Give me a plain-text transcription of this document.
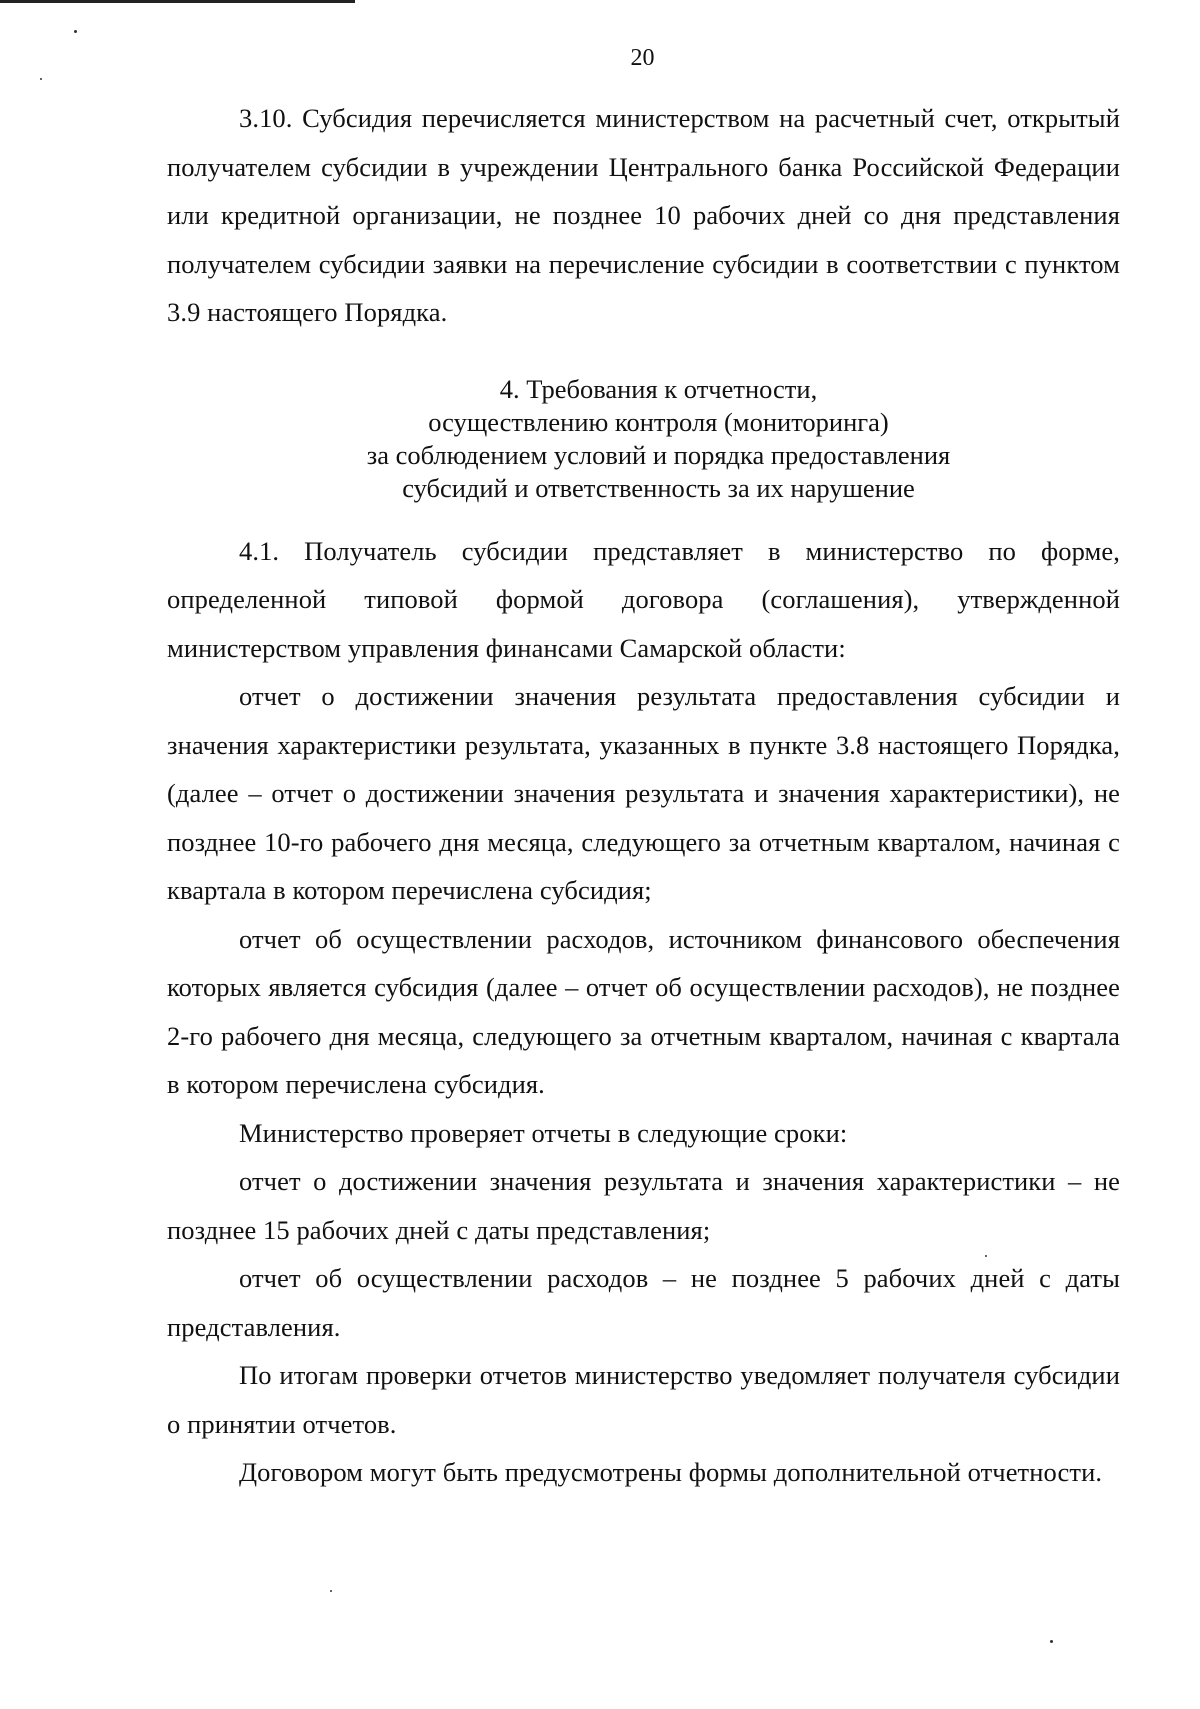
20

3.10. Субсидия перечисляется министерством на расчетный счет, открытый получателем субсидии в учреждении Центрального банка Российской Федерации или кредитной организации, не позднее 10 рабочих дней со дня представления получателем субсидии заявки на перечисление субсидии в соответствии с пунктом 3.9 настоящего Порядка.

4. Требования к отчетности,
осуществлению контроля (мониторинга)
за соблюдением условий и порядка предоставления
субсидий и ответственность за их нарушение

4.1. Получатель субсидии представляет в министерство по форме, определенной типовой формой договора (соглашения), утвержденной министерством управления финансами Самарской области:

отчет о достижении значения результата предоставления субсидии и значения характеристики результата, указанных в пункте 3.8 настоящего Порядка, (далее – отчет о достижении значения результата и значения характеристики), не позднее 10-го рабочего дня месяца, следующего за отчетным кварталом, начиная с квартала в котором перечислена субсидия;

отчет об осуществлении расходов, источником финансового обеспечения которых является субсидия (далее – отчет об осуществлении расходов), не позднее 2-го рабочего дня месяца, следующего за отчетным кварталом, начиная с квартала в котором перечислена субсидия.

Министерство проверяет отчеты в следующие сроки:

отчет о достижении значения результата и значения характеристики – не позднее 15 рабочих дней с даты представления;

отчет об осуществлении расходов – не позднее 5 рабочих дней с даты представления.

По итогам проверки отчетов министерство уведомляет получателя субсидии о принятии отчетов.

Договором могут быть предусмотрены формы дополнительной отчетности.
